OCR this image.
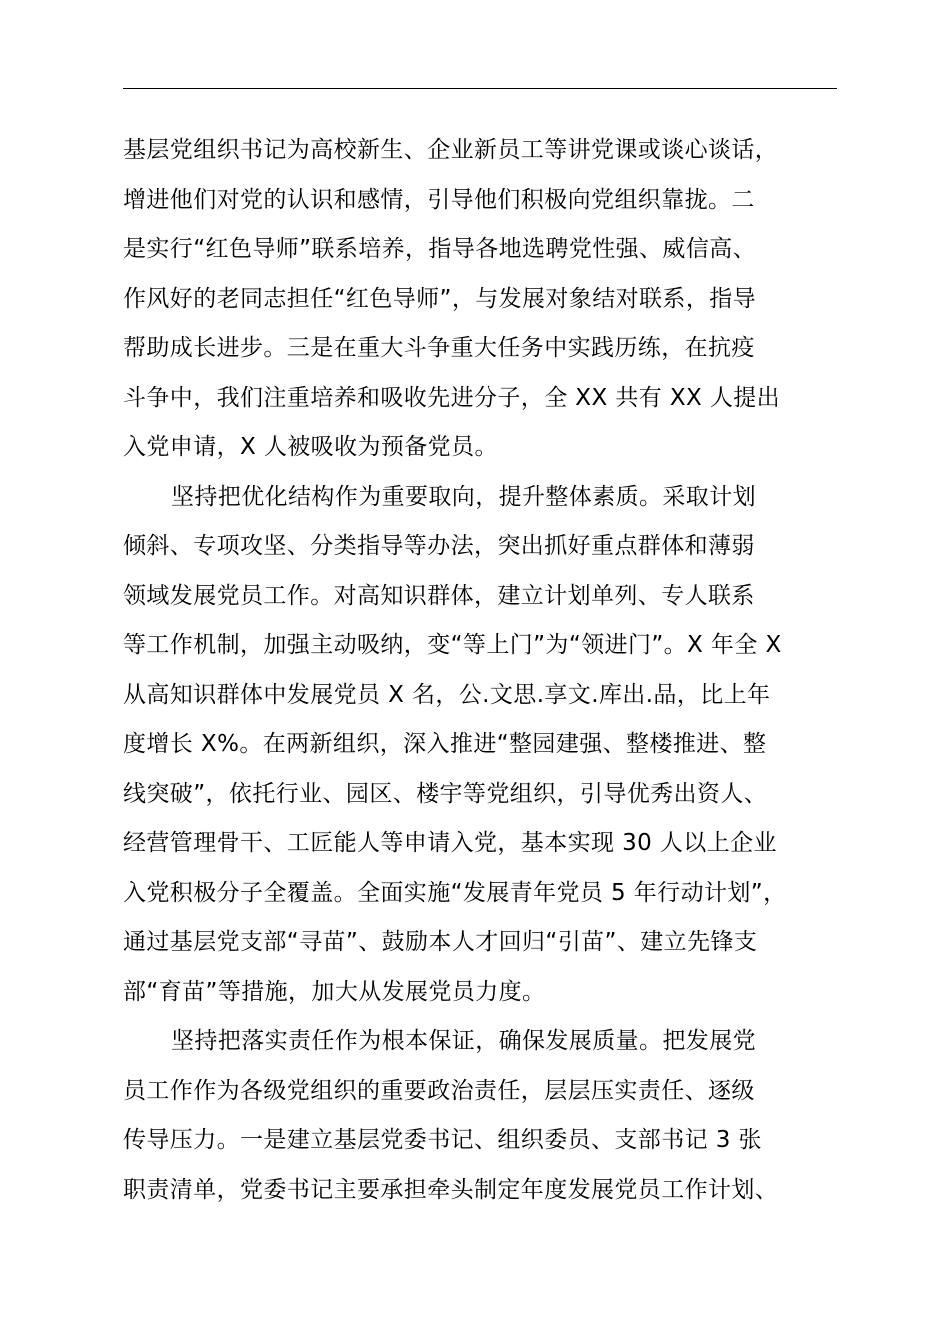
基层党组织书记为高校新生、企业新员工等讲党课或谈心谈话，
增进他们对党的认识和感情，引导他们积极向党组织靠拢。二
是实行“红色导师”联系培养，指导各地选聘党性强、威信高、
作风好的老同志担任“红色导师”，与发展对象结对联系，指导
帮助成长进步。三是在重大斗争重大任务中实践历练，在抗疫
斗争中，我们注重培养和吸收先进分子，全 XX 共有 XX 人提出
入党申请，X 人被吸收为预备党员。
坚持把优化结构作为重要取向，提升整体素质。采取计划
倾斜、专项攻坚、分类指导等办法，突出抓好重点群体和薄弱
领域发展党员工作。对高知识群体，建立计划单列、专人联系
等工作机制，加强主动吸纳，变“等上门”为“领进门”。X 年全 X
从高知识群体中发展党员 X 名，公.文思.享文.库出.品，比上年
度增长 X%。在两新组织，深入推进“整园建强、整楼推进、整
线突破”，依托行业、园区、楼宇等党组织，引导优秀出资人、
经营管理骨干、工匠能人等申请入党，基本实现 30 人以上企业
入党积极分子全覆盖。全面实施“发展青年党员 5 年行动计划”，
通过基层党支部“寻苗”、鼓励本人才回归“引苗”、建立先锋支
部“育苗”等措施，加大从发展党员力度。
坚持把落实责任作为根本保证，确保发展质量。把发展党
员工作作为各级党组织的重要政治责任，层层压实责任、逐级
传导压力。一是建立基层党委书记、组织委员、支部书记 3 张
职责清单，党委书记主要承担牵头制定年度发展党员工作计划、
